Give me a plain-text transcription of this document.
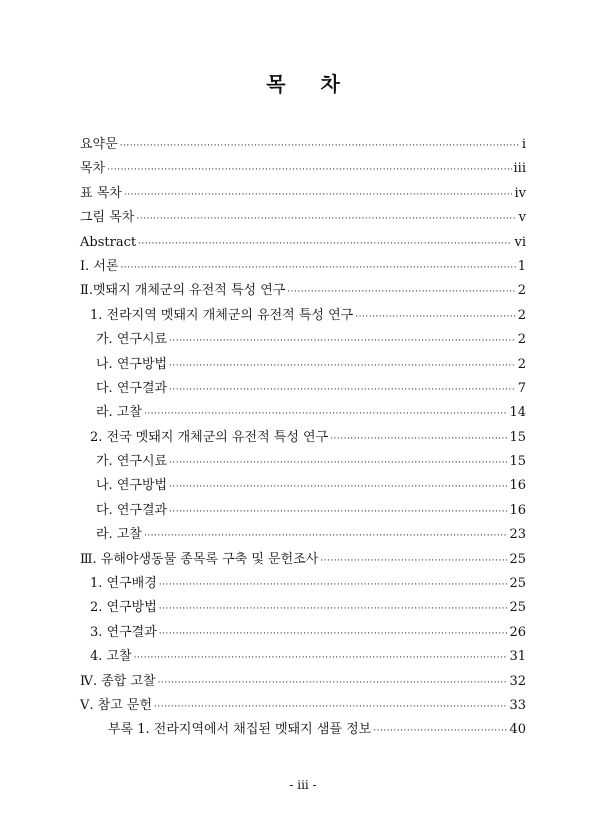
목 차
요약문 ·····	i
목차 ·····	iii
표 목차 ·····	iv
그림 목차 ·····	v
Abstract ·····	vi
Ⅰ. 서론 ·····	1
Ⅱ.멧돼지 개체군의 유전적 특성 연구 ·····	2
1. 전라지역 멧돼지 개체군의 유전적 특성 연구 ·····	2
가. 연구시료 ·····	2
나. 연구방법 ·····	2
다. 연구결과 ·····	7
라. 고찰 ·····	14
2. 전국 멧돼지 개체군의 유전적 특성 연구 ·····	15
가. 연구시료 ·····	15
나. 연구방법 ·····	16
다. 연구결과 ·····	16
라. 고찰 ·····	23
Ⅲ. 유해야생동물 종목록 구축 및 문헌조사 ·····	25
1. 연구배경 ·····	25
2. 연구방법 ·····	25
3. 연구결과 ·····	26
4. 고찰 ·····	31
Ⅳ. 종합 고찰 ·····	32
Ⅴ. 참고 문헌 ·····	33
부록 1. 전라지역에서 채집된 멧돼지 샘플 정보 ·····	40
- iii -
